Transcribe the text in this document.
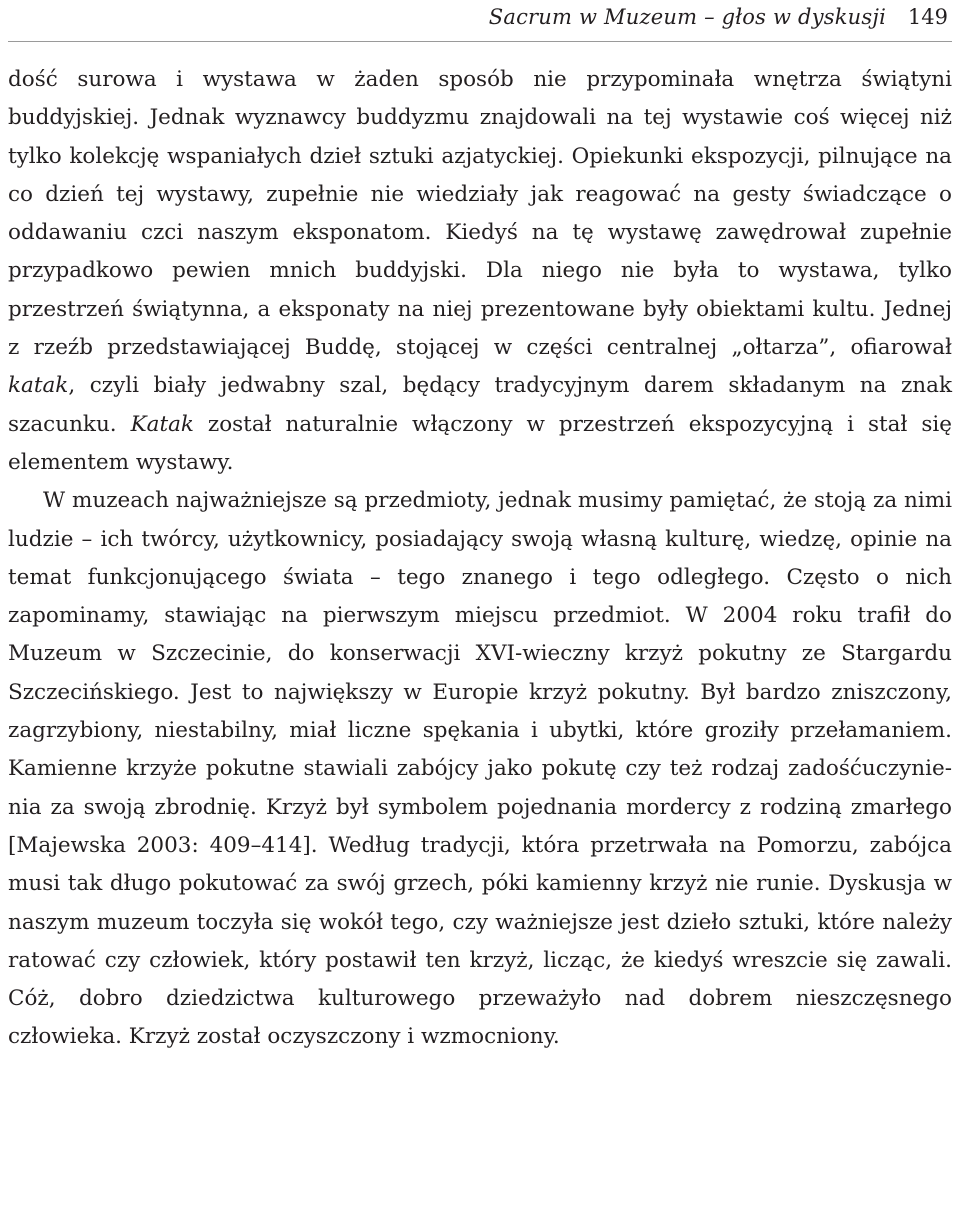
Sacrum w Muzeum – głos w dyskusji 149

dość surowa i wystawa w żaden sposób nie przypominała wnętrza świątyni buddyjskiej. Jednak wyznawcy buddyzmu znajdowali na tej wystawie coś więcej niż tylko kolekcję wspaniałych dzieł sztuki azjatyckiej. Opiekunki ekspozycji, pilnujące na co dzień tej wystawy, zupełnie nie wiedziały jak reagować na gesty świadczące o oddawaniu czci naszym eksponatom. Kiedyś na tę wystawę zawędrował zupełnie przypadkowo pewien mnich buddyjski. Dla niego nie była to wystawa, tylko przestrzeń świątynna, a eksponaty na niej prezentowane były obiektami kultu. Jednej z rzeźb przedstawiającej Buddę, stojącej w części centralnej „ołtarza”, ofiarował katak, czyli biały jedwabny szal, będący tradycyjnym darem składanym na znak szacunku. Katak został naturalnie włączony w przestrzeń ekspozycyjną i stał się elementem wystawy.

W muzeach najważniejsze są przedmioty, jednak musimy pamiętać, że stoją za nimi ludzie – ich twórcy, użytkownicy, posiadający swoją własną kulturę, wiedzę, opinie na temat funkcjonującego świata – tego znanego i tego odległego. Często o nich zapominamy, stawiając na pierwszym miejscu przedmiot. W 2004 roku trafił do Muzeum w Szczecinie, do konserwacji XVI-wieczny krzyż pokutny ze Stargardu Szczecińskiego. Jest to największy w Europie krzyż pokutny. Był bardzo zniszczony, zagrzybiony, niestabilny, miał liczne spękania i ubytki, które groziły przełamaniem. Kamienne krzyże pokutne stawiali zabójcy jako pokutę czy też rodzaj zadośćuczynienia za swoją zbrodnię. Krzyż był symbolem pojednania mordercy z rodziną zmarłego [Majewska 2003: 409–414]. Według tradycji, która przetrwała na Pomorzu, zabójca musi tak długo pokutować za swój grzech, póki kamienny krzyż nie runie. Dyskusja w naszym muzeum toczyła się wokół tego, czy ważniejsze jest dzieło sztuki, które należy ratować czy człowiek, który postawił ten krzyż, licząc, że kiedyś wreszcie się zawali. Cóż, dobro dziedzictwa kulturowego przeważyło nad dobrem nieszczęsnego człowieka. Krzyż został oczyszczony i wzmocniony.
